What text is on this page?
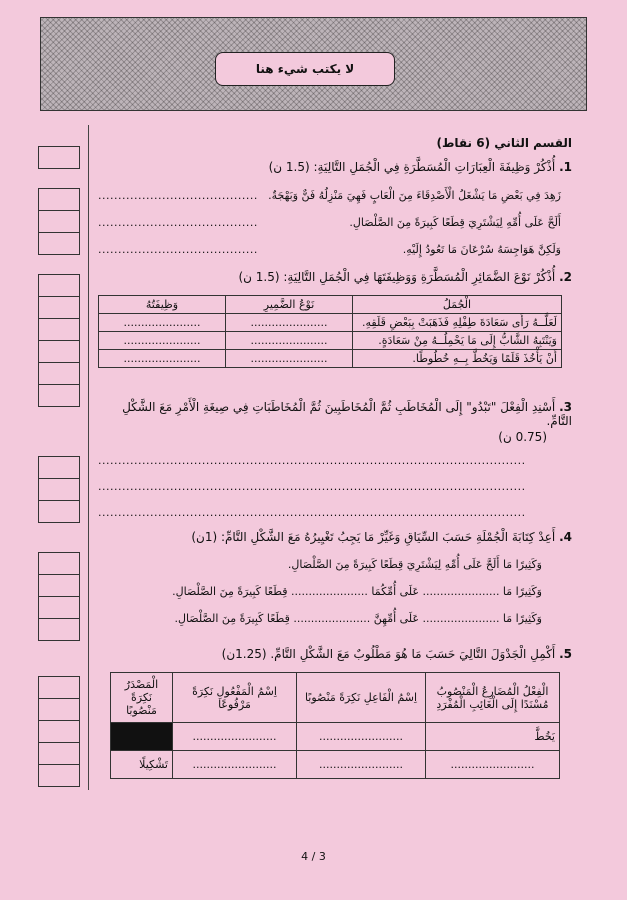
لا يكتب شيء هنا
القسم الثاني (6 نقاط)
1. أُذْكُرْ وَظِيفَةَ الْعِبَارَاتِ الْمُسَطَّرَةِ فِي الْجُمَلِ التَّالِيَةِ: (1.5 ن)
........................................ زَهِدَ فِي بَعْضِ مَا يَشْغَلُ الْأَصْدِقَاءَ مِنَ الْعَابٍ فَهِيَ مَنْزِلُهُ فَنٌّ وَبَهْجَةٌ.
........................................	أَلَحَّ عَلَى أُمِّهِ لِيَشْتَرِيَ قِطَعًا كَبِيرَةً مِنَ الصَّلْصَالِ.
........................................	وَلَكِنَّ هَوَاجِسَهُ سُرْعَانَ مَا تَعُودُ إِلَيْهِ.
2. أُذْكُرْ نَوْعَ الضَّمَائِرِ الْمُسَطَّرَةِ وَوَظِيفَتَهَا فِي الْجُمَلِ التَّالِيَةِ: (1.5 ن)
الْجُمَلُ	نَوْعُ الضَّمِيرِ	وَظِيفَتُهُ
لَعَلَّــهُ رَأَى سَعَادَةَ طِفْلِهِ فَذَهَبَتْ بِبَعْضِ قَلَقِهِ.	......................	......................
وَيَنْتَبِهُ الشَّابُّ إِلَى مَا يَحْمِلُــهُ مِنْ سَعَادَةٍ.	......................	......................
أَنْ يَأْخُذَ قَلَمًا وَيَخُطَّ بِــهِ خُطُوطًا.	......................	......................
3. أَسْنِدِ الْفِعْلَ "تَبْدُو" إِلَى الْمُخَاطَبِ ثُمَّ الْمُخَاطَبِينَ ثُمَّ الْمُخَاطَبَاتِ فِي صِيغَةِ الْأَمْرِ مَعَ الشَّكْلِ التَّامِّ.
(0.75 ن)
...........................................................................................................
...........................................................................................................
...........................................................................................................
4. أَعِدْ كِتَابَةَ الْجُمْلَةِ حَسَبَ السِّيَاقِ وَغَيِّرْ مَا يَجِبُ تَغْيِيرُهُ مَعَ الشَّكْلِ التَّامِّ: (1ن)
وَكَثِيرًا مَا أَلَحَّ عَلَى أُمِّهِ لِيَشْتَرِيَ قِطَعًا كَبِيرَةً مِنَ الصَّلْصَالِ.
وَكَثِيرًا مَا ...................... عَلَى أُمِّكُمَا ...................... قِطَعًا كَبِيرَةً مِنَ الصَّلْصَالِ.
وَكَثِيرًا مَا ...................... عَلَى أُمِّهِنَّ ...................... قِطَعًا كَبِيرَةً مِنَ الصَّلْصَالِ.
5. أَكْمِلِ الْجَدْوَلَ التَّالِيَ حَسَبَ مَا هُوَ مَطْلُوبٌ مَعَ الشَّكْلِ التَّامِّ. (1.25ن)
الْفِعْلُ الْمُضَارِعُ الْمَنْصُوبُ مُسْنَدًا إِلَى الْغَائِبِ الْمُفْرَدِ	اِسْمُ الْفَاعِلِ نَكِرَةً مَنْصُوبًا	اِسْمُ الْمَفْعُولِ نَكِرَةً مَرْفُوعًا	الْمَصْدَرُ نَكِرَةً مَنْصُوبًا
يَخُطَّ	........................	........................	
........................	........................	........................	تَشْكِيلًا
4 / 3
